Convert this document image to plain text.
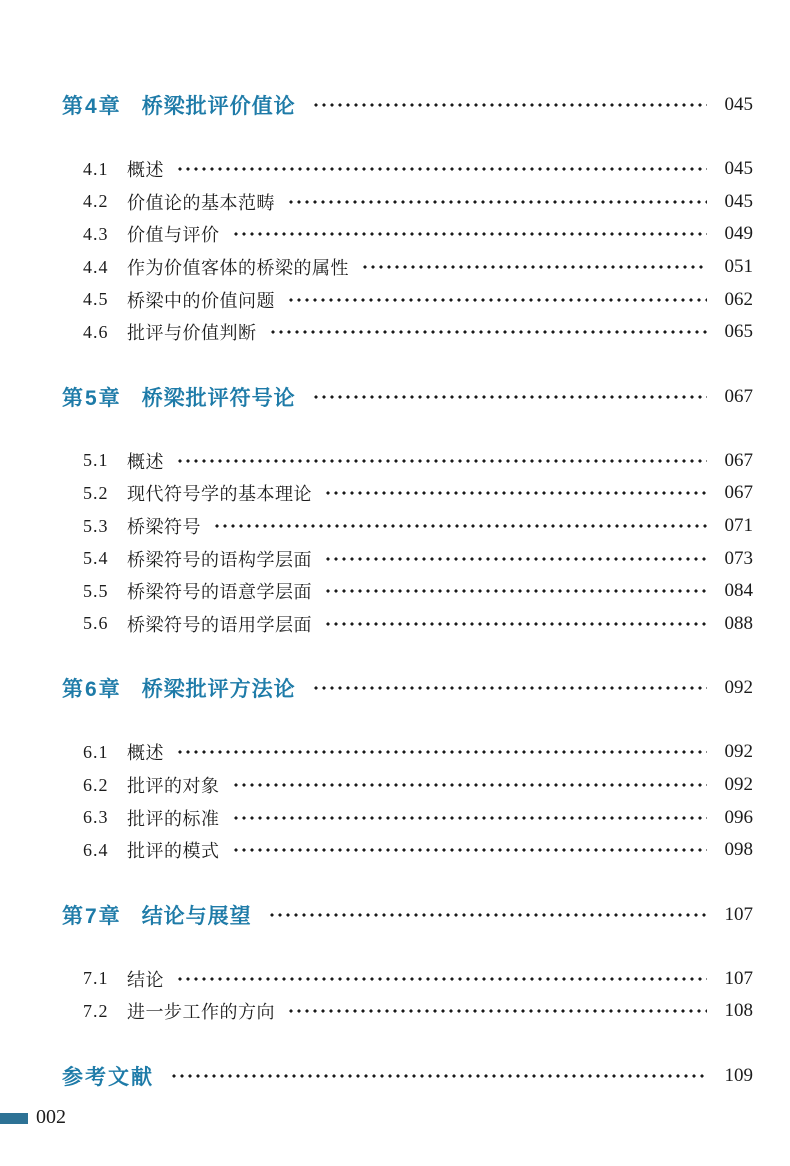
第4章 桥梁批评价值论	045
4.1	概述	045
4.2	价值论的基本范畴	045
4.3	价值与评价	049
4.4	作为价值客体的桥梁的属性	051
4.5	桥梁中的价值问题	062
4.6	批评与价值判断	065
第5章 桥梁批评符号论	067
5.1	概述	067
5.2	现代符号学的基本理论	067
5.3	桥梁符号	071
5.4	桥梁符号的语构学层面	073
5.5	桥梁符号的语意学层面	084
5.6	桥梁符号的语用学层面	088
第6章 桥梁批评方法论	092
6.1	概述	092
6.2	批评的对象	092
6.3	批评的标准	096
6.4	批评的模式	098
第7章 结论与展望	107
7.1	结论	107
7.2	进一步工作的方向	108
参考文献	109
002
